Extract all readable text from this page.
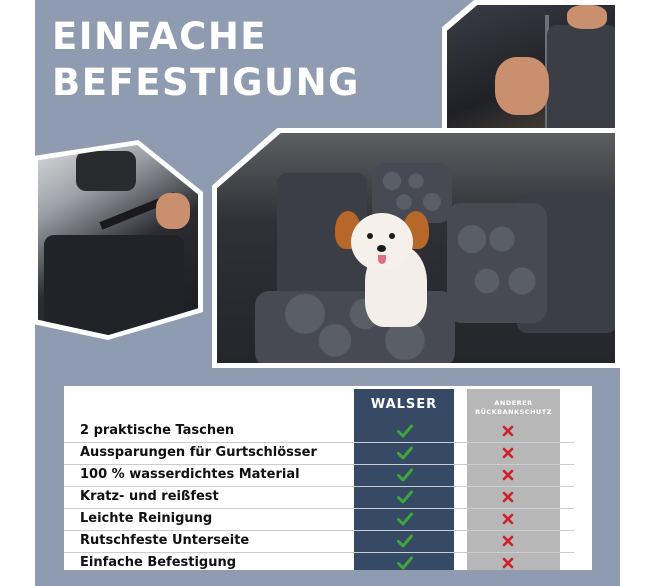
EINFACHE
BEFESTIGUNG
WALSER	ANDERER
RÜCKBANKSCHUTZ
2 praktische Taschen
Aussparungen für Gurtschlösser
100 % wasserdichtes Material
Kratz- und reißfest
Leichte Reinigung
Rutschfeste Unterseite
Einfache Befestigung
